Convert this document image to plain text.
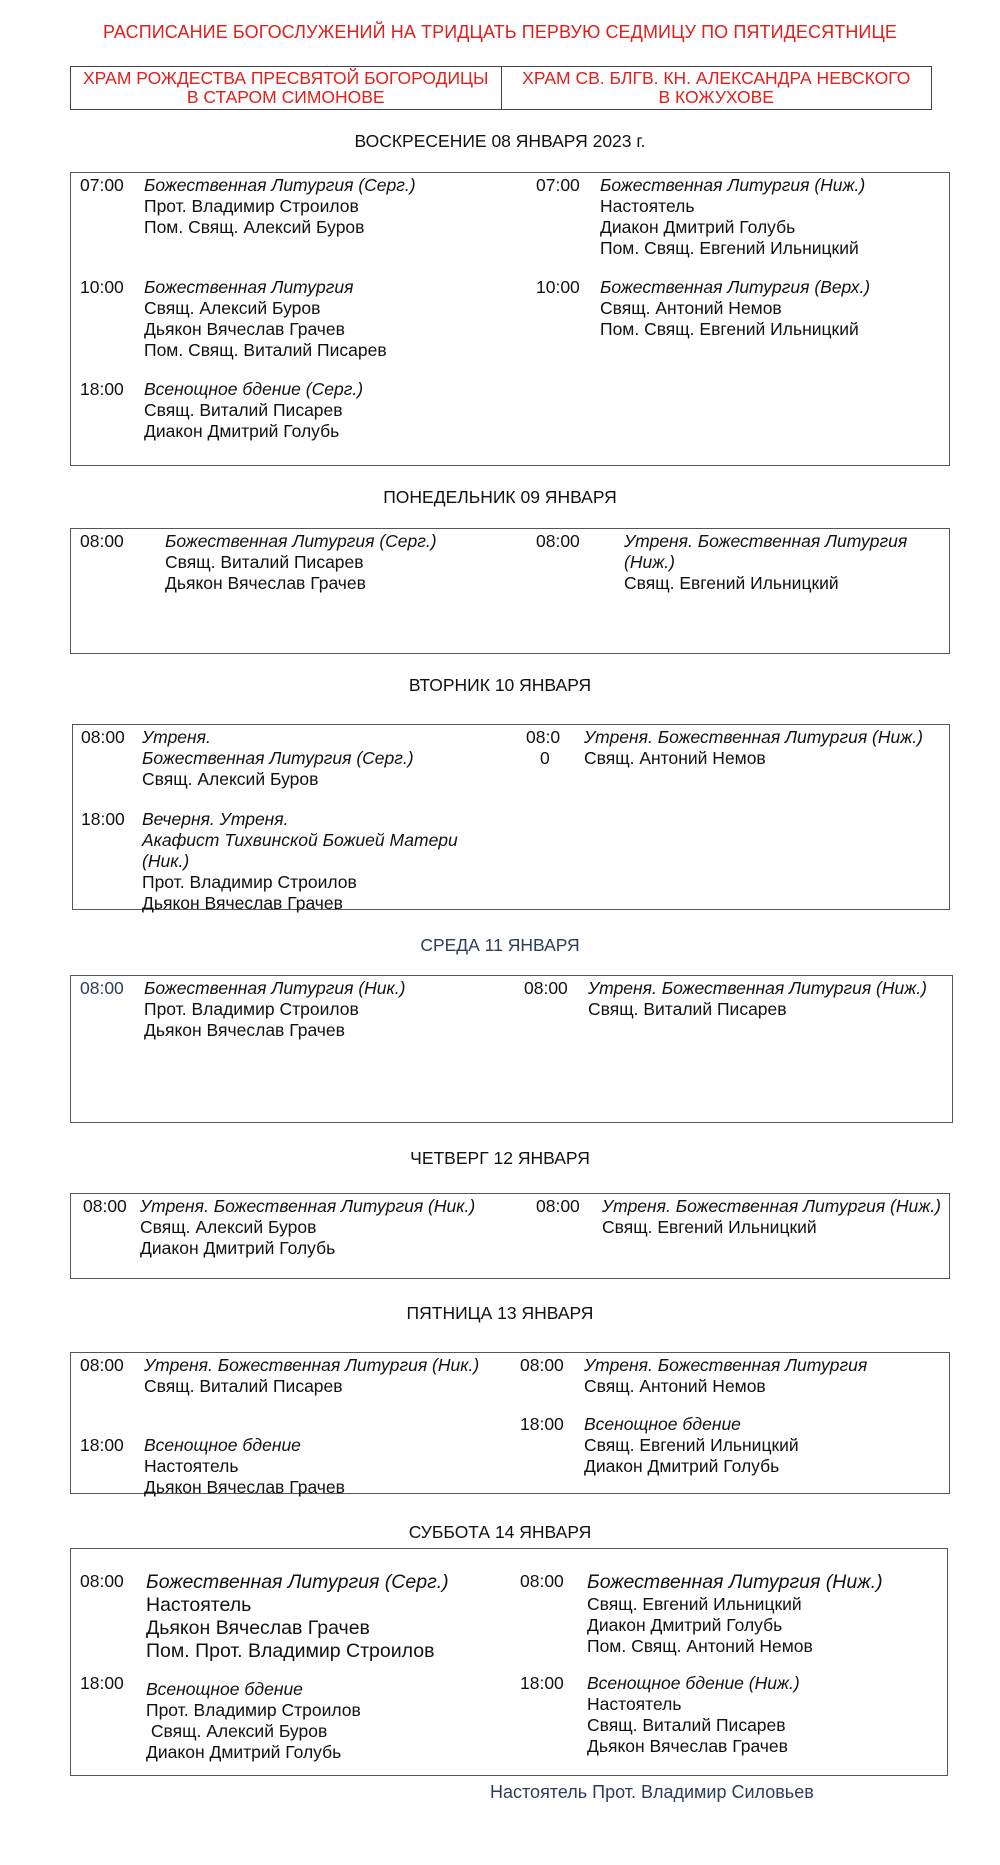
РАСПИСАНИЕ БОГОСЛУЖЕНИЙ НА ТРИДЦАТЬ ПЕРВУЮ СЕДМИЦУ ПО ПЯТИДЕСЯТНИЦЕ
ХРАМ РОЖДЕСТВА ПРЕСВЯТОЙ БОГОРОДИЦЫ
В СТАРОМ СИМОНОВЕ
ХРАМ СВ. БЛГВ. КН. АЛЕКСАНДРА НЕВСКОГО
В КОЖУХОВЕ
ВОСКРЕСЕНИЕ 08 ЯНВАРЯ 2023 г.
07:00 Божественная Литургия (Серг.)
Прот. Владимир Строилов
Пом. Свящ. Алексий Буров
10:00 Божественная Литургия
Свящ. Алексий Буров
Дьякон Вячеслав Грачев
Пом. Свящ. Виталий Писарев
18:00 Всенощное бдение (Серг.)
Свящ. Виталий Писарев
Диакон Дмитрий Голубь
07:00 Божественная Литургия (Ниж.)
Настоятель
Диакон Дмитрий Голубь
Пом. Свящ. Евгений Ильницкий
10:00 Божественная Литургия (Верх.)
Свящ. Антоний Немов
Пом. Свящ. Евгений Ильницкий
ПОНЕДЕЛЬНИК 09 ЯНВАРЯ
08:00 Божественная Литургия (Серг.)
Свящ. Виталий Писарев
Дьякон Вячеслав Грачев
08:00	Утреня. Божественная Литургия
(Ниж.)
Свящ. Евгений Ильницкий
ВТОРНИК 10 ЯНВАРЯ
08:00 Утреня.
Божественная Литургия (Серг.)
Свящ. Алексий Буров
18:00 Вечерня. Утреня.
Акафист Тихвинской Божией Матери
(Ник.)
Прот. Владимир Строилов
Дьякон Вячеслав Грачев
08:0
0
Утреня. Божественная Литургия (Ниж.)
Свящ. Антоний Немов
СРЕДА 11 ЯНВАРЯ
08:00 Божественная Литургия (Ник.)
Прот. Владимир Строилов
Дьякон Вячеслав Грачев
08:00 Утреня. Божественная Литургия (Ниж.)
Свящ. Виталий Писарев
ЧЕТВЕРГ 12 ЯНВАРЯ
08:00 Утреня. Божественная Литургия (Ник.)
Свящ. Алексий Буров
Диакон Дмитрий Голубь
08:00 Утреня. Божественная Литургия (Ниж.)
Свящ. Евгений Ильницкий
ПЯТНИЦА 13 ЯНВАРЯ
08:00 Утреня. Божественная Литургия (Ник.)
Свящ. Виталий Писарев
18:00 Всенощное бдение
Настоятель
Дьякон Вячеслав Грачев
08:00 Утреня. Божественная Литургия
Свящ. Антоний Немов
18:00 Всенощное бдение
Свящ. Евгений Ильницкий
Диакон Дмитрий Голубь
СУББОТА 14 ЯНВАРЯ
08:00 Божественная Литургия (Серг.)
Настоятель
Дьякон Вячеслав Грачев
Пом. Прот. Владимир Строилов
18:00 Всенощное бдение
Прот. Владимир Строилов
Свящ. Алексий Буров
Диакон Дмитрий Голубь
08:00 Божественная Литургия (Ниж.)
Свящ. Евгений Ильницкий
Диакон Дмитрий Голубь
Пом. Свящ. Антоний Немов
18:00 Всенощное бдение (Ниж.)
Настоятель
Свящ. Виталий Писарев
Дьякон Вячеслав Грачев
Настоятель Прот. Владимир Силовьев
